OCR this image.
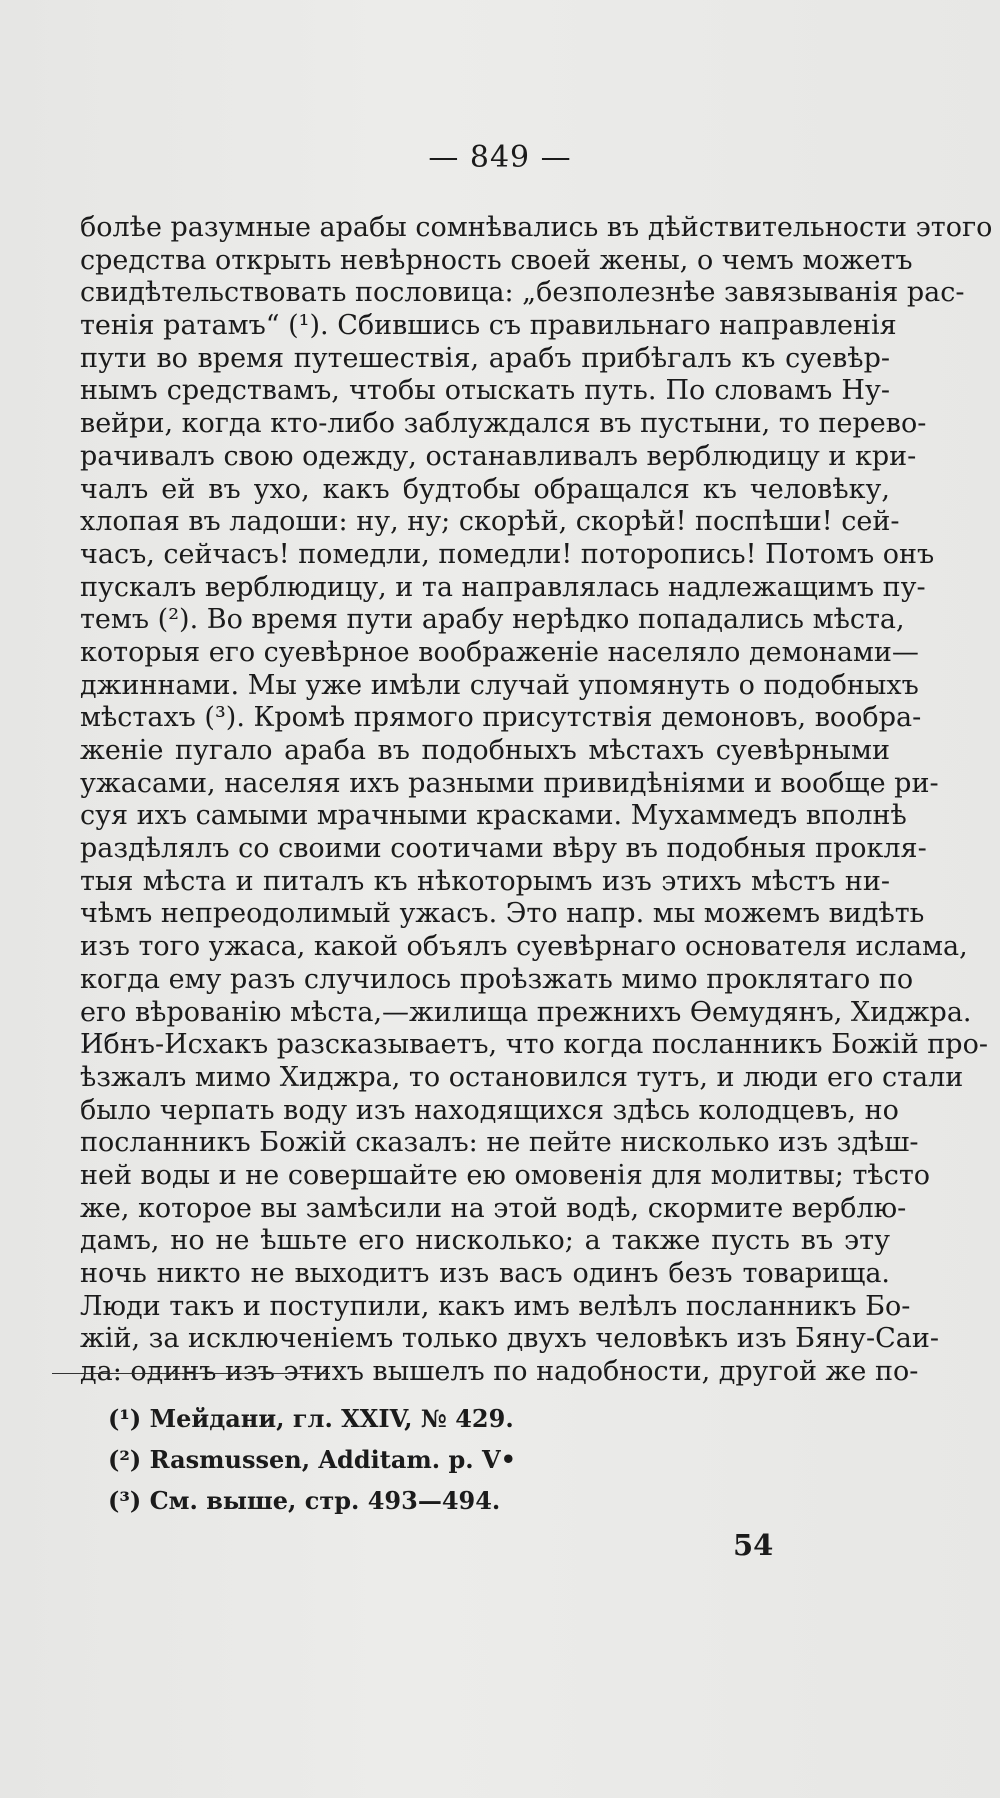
— 849 —
болѣе разумные арабы сомнѣвались въ дѣйствительности этого
средства открыть невѣрность своей жены, о чемъ можетъ
свидѣтельствовать пословица: „безполезнѣе завязыванія рас-
тенія ратамъ“ (¹). Сбившись съ правильнаго направленія
пути во время путешествія, арабъ прибѣгалъ къ суевѣр-
нымъ средствамъ, чтобы отыскать путь. По словамъ Ну-
вейри, когда кто-либо заблуждался въ пустыни, то перево-
рачивалъ свою одежду, останавливалъ верблюдицу и кри-
чалъ ей въ ухо, какъ будтобы обращался къ человѣку,
хлопая въ ладоши: ну, ну; скорѣй, скорѣй! поспѣши! сей-
часъ, сейчасъ! помедли, помедли! поторопись! Потомъ онъ
пускалъ верблюдицу, и та направлялась надлежащимъ пу-
темъ (²). Во время пути арабу нерѣдко попадались мѣста,
которыя его суевѣрное воображеніе населяло демонами—
джиннами. Мы уже имѣли случай упомянуть о подобныхъ
мѣстахъ (³). Кромѣ прямого присутствія демоновъ, вообра-
женіе пугало араба въ подобныхъ мѣстахъ суевѣрными
ужасами, населяя ихъ разными привидѣніями и вообще ри-
суя ихъ самыми мрачными красками. Мухаммедъ вполнѣ
раздѣлялъ со своими соотичами вѣру въ подобныя прокля-
тыя мѣста и питалъ къ нѣкоторымъ изъ этихъ мѣстъ ни-
чѣмъ непреодолимый ужасъ. Это напр. мы можемъ видѣть
изъ того ужаса, какой объялъ суевѣрнаго основателя ислама,
когда ему разъ случилось проѣзжать мимо проклятаго по
его вѣрованію мѣста,—жилища прежнихъ Ѳемудянъ, Хиджра.
Ибнъ-Исхакъ разсказываетъ, что когда посланникъ Божій про-
ѣзжалъ мимо Хиджра, то остановился тутъ, и люди его стали
было черпать воду изъ находящихся здѣсь колодцевъ, но
посланникъ Божій сказалъ: не пейте нисколько изъ здѣш-
ней воды и не совершайте ею омовенія для молитвы; тѣсто
же, которое вы замѣсили на этой водѣ, скормите верблю-
дамъ, но не ѣшьте его нисколько; а также пусть въ эту
ночь никто не выходитъ изъ васъ одинъ безъ товарища.
Люди такъ и поступили, какъ имъ велѣлъ посланникъ Бо-
жій, за исключеніемъ только двухъ человѣкъ изъ Бяну-Саи-
да: одинъ изъ этихъ вышелъ по надобности, другой же по-
(¹) Мейдани, гл. XXIV, № 429.
(²) Rasmussen, Additam. p. V•
(³) См. выше, стр. 493—494.
54
